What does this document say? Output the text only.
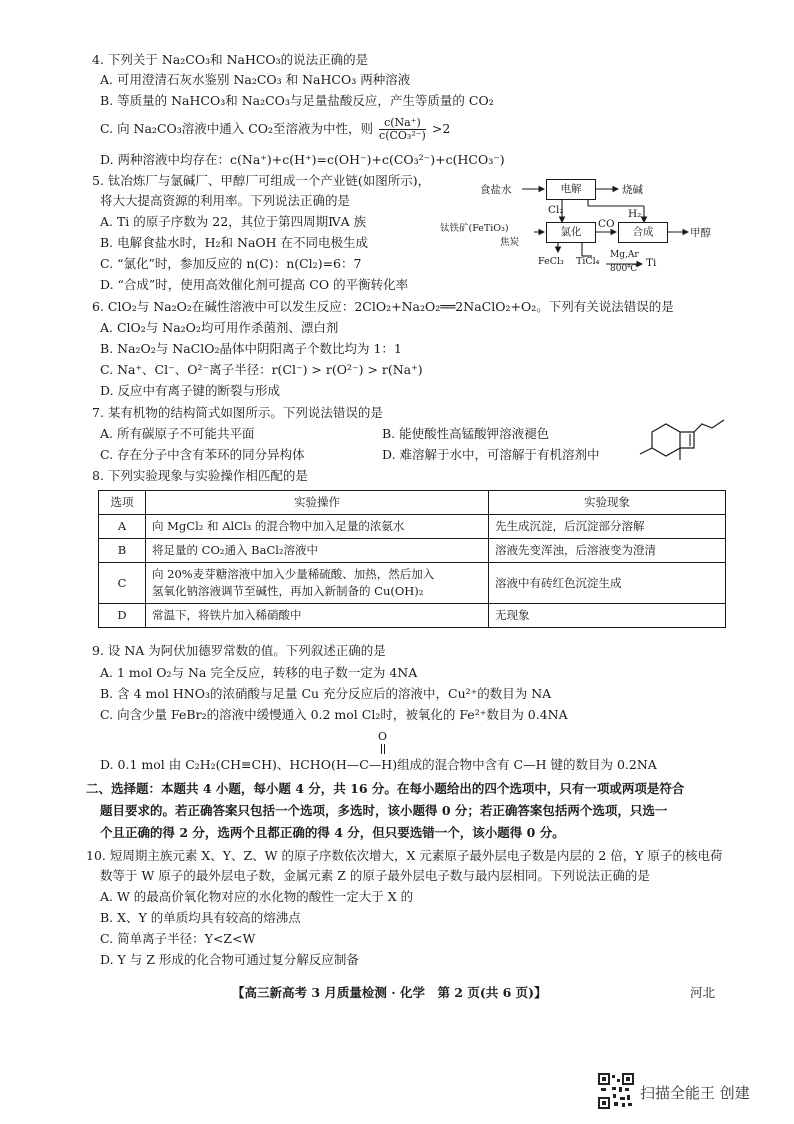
4. 下列关于 Na₂CO₃和 NaHCO₃的说法正确的是
A. 可用澄清石灰水鉴别 Na₂CO₃ 和 NaHCO₃ 两种溶液
B. 等质量的 NaHCO₃和 Na₂CO₃与足量盐酸反应，产生等质量的 CO₂
C. 向 Na₂CO₃溶液中通入 CO₂至溶液为中性，则 $\frac{c(Na^+)}{\text{c(CO₃²⁻)}} >2$
D. 两种溶液中均存在：c(Na⁺)+c(H⁺)=c(OH⁻)+c(CO₃²⁻)+c(HCO₃⁻)
5. 钛冶炼厂与氯碱厂、甲醇厂可组成一个产业链(如图所示)，
将大大提高资源的利用率。下列说法正确的是
A. Ti 的原子序数为 22，其位于第四周期ⅣA 族
B. 电解食盐水时，H₂和 NaOH 在不同电极生成
C. “氯化”时，参加反应的 n(C)：n(Cl₂)=6：7
D. “合成”时，使用高效催化剂可提高 CO 的平衡转化率
食盐水	电解	烧碱
Cl₂	H₂
钛铁矿(FeTiO₃)
焦炭
氯化
CO
合成	甲醇
FeCl₃ TiCl₄
Mg,Ar
800℃ Ti
6. ClO₂与 Na₂O₂在碱性溶液中可以发生反应：2ClO₂+Na₂O₂══2NaClO₂+O₂。下列有关说法错误的是
A. ClO₂与 Na₂O₂均可用作杀菌剂、漂白剂
B. Na₂O₂与 NaClO₂晶体中阴阳离子个数比均为 1：1
C. Na⁺、Cl⁻、O²⁻离子半径：r(Cl⁻) > r(O²⁻) > r(Na⁺)
D. 反应中有离子键的断裂与形成
7. 某有机物的结构简式如图所示。下列说法错误的是
A. 所有碳原子不可能共平面	B. 能使酸性高锰酸钾溶液褪色
C. 存在分子中含有苯环的同分异构体	D. 难溶解于水中，可溶解于有机溶剂中
8. 下列实验现象与实验操作相匹配的是
选项	实验操作	实验现象
A	向 MgCl₂ 和 AlCl₃ 的混合物中加入足量的浓氨水	先生成沉淀，后沉淀部分溶解
B	将足量的 CO₂通入 BaCl₂溶液中	溶液先变浑浊，后溶液变为澄清
C	向 20%麦芽糖溶液中加入少量稀硫酸、加热，然后加入
氢氧化钠溶液调节至碱性，再加入新制备的 Cu(OH)₂	溶液中有砖红色沉淀生成
D	常温下，将铁片加入稀硝酸中	无现象
9. 设 NA 为阿伏加德罗常数的值。下列叙述正确的是
A. 1 mol O₂与 Na 完全反应，转移的电子数一定为 4NA
B. 含 4 mol HNO₃的浓硝酸与足量 Cu 充分反应后的溶液中，Cu²⁺的数目为 NA
C. 向含少量 FeBr₂的溶液中缓慢通入 0.2 mol Cl₂时，被氧化的 Fe²⁺数目为 0.4NA
O
D. 0.1 mol 由 C₂H₂(CH≡CH)、HCHO(H—C—H)组成的混合物中含有 C—H 键的数目为 0.2NA
二、选择题：本题共 4 小题，每小题 4 分，共 16 分。在每小题给出的四个选项中，只有一项或两项是符合
题目要求的。若正确答案只包括一个选项，多选时，该小题得 0 分；若正确答案包括两个选项，只选一
个且正确的得 2 分，选两个且都正确的得 4 分，但只要选错一个，该小题得 0 分。
10. 短周期主族元素 X、Y、Z、W 的原子序数依次增大，X 元素原子最外层电子数是内层的 2 倍，Y 原子的核电荷
数等于 W 原子的最外层电子数，金属元素 Z 的原子最外层电子数与最内层相同。下列说法正确的是
A. W 的最高价氧化物对应的水化物的酸性一定大于 X 的
B. X、Y 的单质均具有较高的熔沸点
C. 简单离子半径：Y<Z<W
D. Y 与 Z 形成的化合物可通过复分解反应制备
【高三新高考 3 月质量检测 · 化学　第 2 页(共 6 页)】	河北
扫描全能王 创建
